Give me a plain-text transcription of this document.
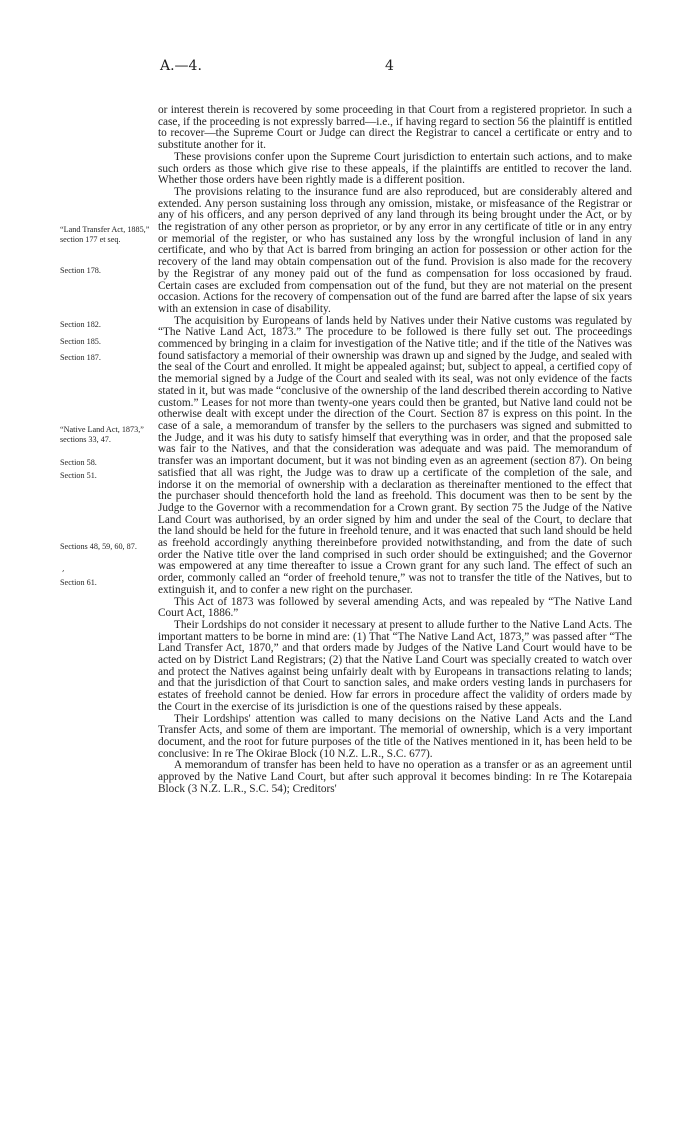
A.—4.	4
“Land Transfer Act, 1885,” section 177 et seq.
Section 178.
Section 182.
Section 185.
Section 187.
“Native Land Act, 1873,” sections 33, 47.
Section 58.
Section 51.
Sections 48, 59, 60, 87.
Section 61.
,

or interest therein is recovered by some proceeding in that Court from a registered proprietor. In such a case, if the proceeding is not expressly barred—i.e., if having regard to section 56 the plaintiff is entitled to recover—the Supreme Court or Judge can direct the Registrar to cancel a certificate or entry and to substitute another for it.

These provisions confer upon the Supreme Court jurisdiction to entertain such actions, and to make such orders as those which give rise to these appeals, if the plaintiffs are entitled to recover the land. Whether those orders have been rightly made is a different position.

The provisions relating to the insurance fund are also reproduced, but are considerably altered and extended. Any person sustaining loss through any omission, mistake, or misfeasance of the Registrar or any of his officers, and any person deprived of any land through its being brought under the Act, or by the registration of any other person as proprietor, or by any error in any certificate of title or in any entry or memorial of the register, or who has sustained any loss by the wrongful inclusion of land in any certificate, and who by that Act is barred from bringing an action for possession or other action for the recovery of the land may obtain compensation out of the fund. Provision is also made for the recovery by the Registrar of any money paid out of the fund as compensation for loss occasioned by fraud. Certain cases are excluded from compensation out of the fund, but they are not material on the present occasion. Actions for the recovery of compensation out of the fund are barred after the lapse of six years with an extension in case of disability.

The acquisition by Europeans of lands held by Natives under their Native customs was regulated by “The Native Land Act, 1873.” The procedure to be followed is there fully set out. The proceedings commenced by bringing in a claim for investigation of the Native title; and if the title of the Natives was found satisfactory a memorial of their ownership was drawn up and signed by the Judge, and sealed with the seal of the Court and enrolled. It might be appealed against; but, subject to appeal, a certified copy of the memorial signed by a Judge of the Court and sealed with its seal, was not only evidence of the facts stated in it, but was made “conclusive of the ownership of the land described therein according to Native custom.” Leases for not more than twenty-one years could then be granted, but Native land could not be otherwise dealt with except under the direction of the Court. Section 87 is express on this point. In the case of a sale, a memorandum of transfer by the sellers to the purchasers was signed and submitted to the Judge, and it was his duty to satisfy himself that everything was in order, and that the proposed sale was fair to the Natives, and that the consideration was adequate and was paid. The memorandum of transfer was an important document, but it was not binding even as an agreement (section 87). On being satisfied that all was right, the Judge was to draw up a certificate of the completion of the sale, and indorse it on the memorial of ownership with a declaration as thereinafter mentioned to the effect that the purchaser should thenceforth hold the land as freehold. This document was then to be sent by the Judge to the Governor with a recommendation for a Crown grant. By section 75 the Judge of the Native Land Court was authorised, by an order signed by him and under the seal of the Court, to declare that the land should be held for the future in freehold tenure, and it was enacted that such land should be held as freehold accordingly anything thereinbefore provided notwithstanding, and from the date of such order the Native title over the land comprised in such order should be extinguished; and the Governor was empowered at any time thereafter to issue a Crown grant for any such land. The effect of such an order, commonly called an “order of freehold tenure,” was not to transfer the title of the Natives, but to extinguish it, and to confer a new right on the purchaser.

This Act of 1873 was followed by several amending Acts, and was repealed by “The Native Land Court Act, 1886.”

Their Lordships do not consider it necessary at present to allude further to the Native Land Acts. The important matters to be borne in mind are: (1) That “The Native Land Act, 1873,” was passed after “The Land Transfer Act, 1870,” and that orders made by Judges of the Native Land Court would have to be acted on by District Land Registrars; (2) that the Native Land Court was specially created to watch over and protect the Natives against being unfairly dealt with by Europeans in transactions relating to lands; and that the jurisdiction of that Court to sanction sales, and make orders vesting lands in purchasers for estates of freehold cannot be denied. How far errors in procedure affect the validity of orders made by the Court in the exercise of its jurisdiction is one of the questions raised by these appeals.

Their Lordships' attention was called to many decisions on the Native Land Acts and the Land Transfer Acts, and some of them are important. The memorial of ownership, which is a very important document, and the root for future purposes of the title of the Natives mentioned in it, has been held to be conclusive: In re The Okirae Block (10 N.Z. L.R., S.C. 677).

A memorandum of transfer has been held to have no operation as a transfer or as an agreement until approved by the Native Land Court, but after such approval it becomes binding: In re The Kotarepaia Block (3 N.Z. L.R., S.C. 54); Creditors'
